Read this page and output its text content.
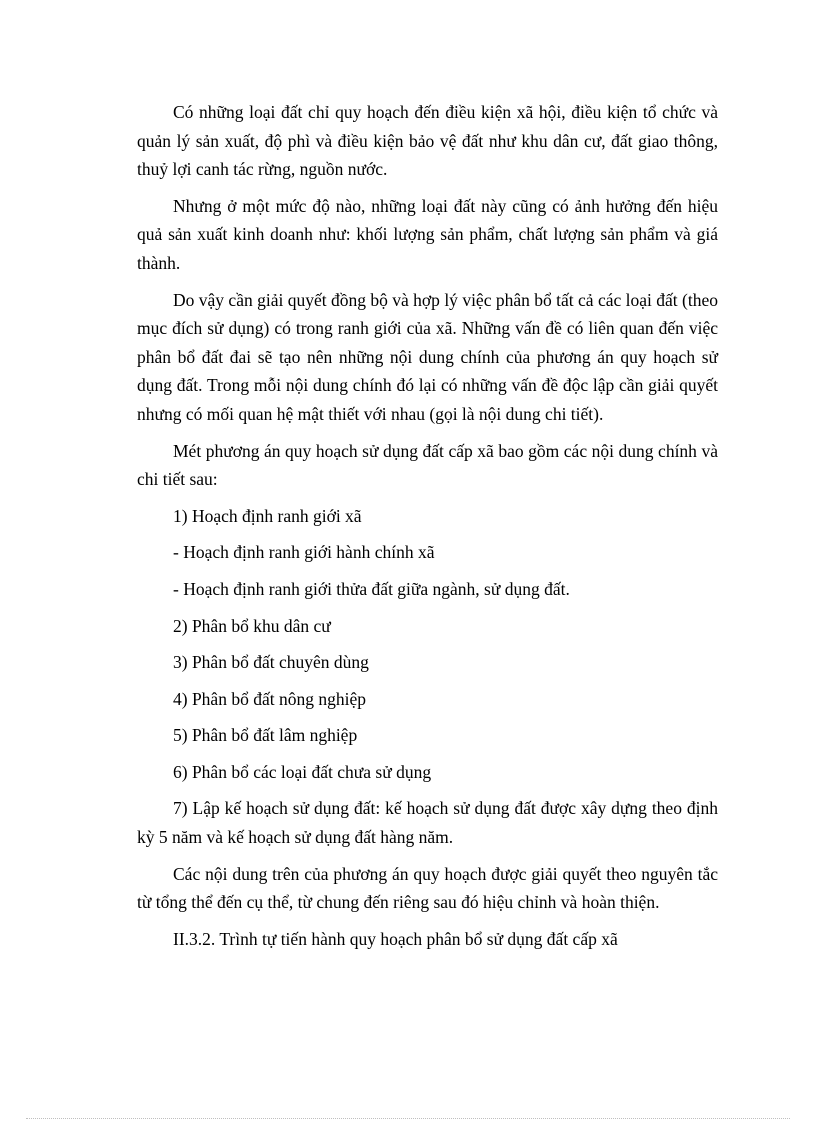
Có những loại đất chỉ quy hoạch đến điều kiện xã hội, điều kiện tổ chức và quản lý sản xuất, độ phì và điều kiện bảo vệ đất như khu dân cư, đất giao thông, thuỷ lợi canh tác rừng, nguồn nước.

Nhưng ở một mức độ nào, những loại đất này cũng có ảnh hưởng đến hiệu quả sản xuất kinh doanh như: khối lượng sản phẩm, chất lượng sản phẩm và giá thành.

Do vậy cần giải quyết đồng bộ và hợp lý việc phân bổ tất cả các loại đất (theo mục đích sử dụng) có trong ranh giới của xã. Những vấn đề có liên quan đến việc phân bổ đất đai sẽ tạo nên những nội dung chính của phương án quy hoạch sử dụng đất. Trong mỗi nội dung chính đó lại có những vấn đề độc lập cần giải quyết nhưng có mối quan hệ mật thiết với nhau (gọi là nội dung chi tiết).

Mét phương án quy hoạch sử dụng đất cấp xã bao gồm các nội dung chính và chi tiết sau:

1) Hoạch định ranh giới xã

- Hoạch định ranh giới hành chính xã

- Hoạch định ranh giới thửa đất giữa ngành, sử dụng đất.

2) Phân bổ khu dân cư

3) Phân bổ đất chuyên dùng

4) Phân bổ đất nông nghiệp

5) Phân bổ đất lâm nghiệp

6) Phân bổ các loại đất chưa sử dụng

7) Lập kế hoạch sử dụng đất: kế hoạch sử dụng đất được xây dựng theo định kỳ 5 năm và kế hoạch sử dụng đất hàng năm.

Các nội dung trên của phương án quy hoạch được giải quyết theo nguyên tắc từ tổng thể đến cụ thể, từ chung đến riêng sau đó hiệu chỉnh và hoàn thiện.

II.3.2. Trình tự tiến hành quy hoạch phân bổ sử dụng đất cấp xã
